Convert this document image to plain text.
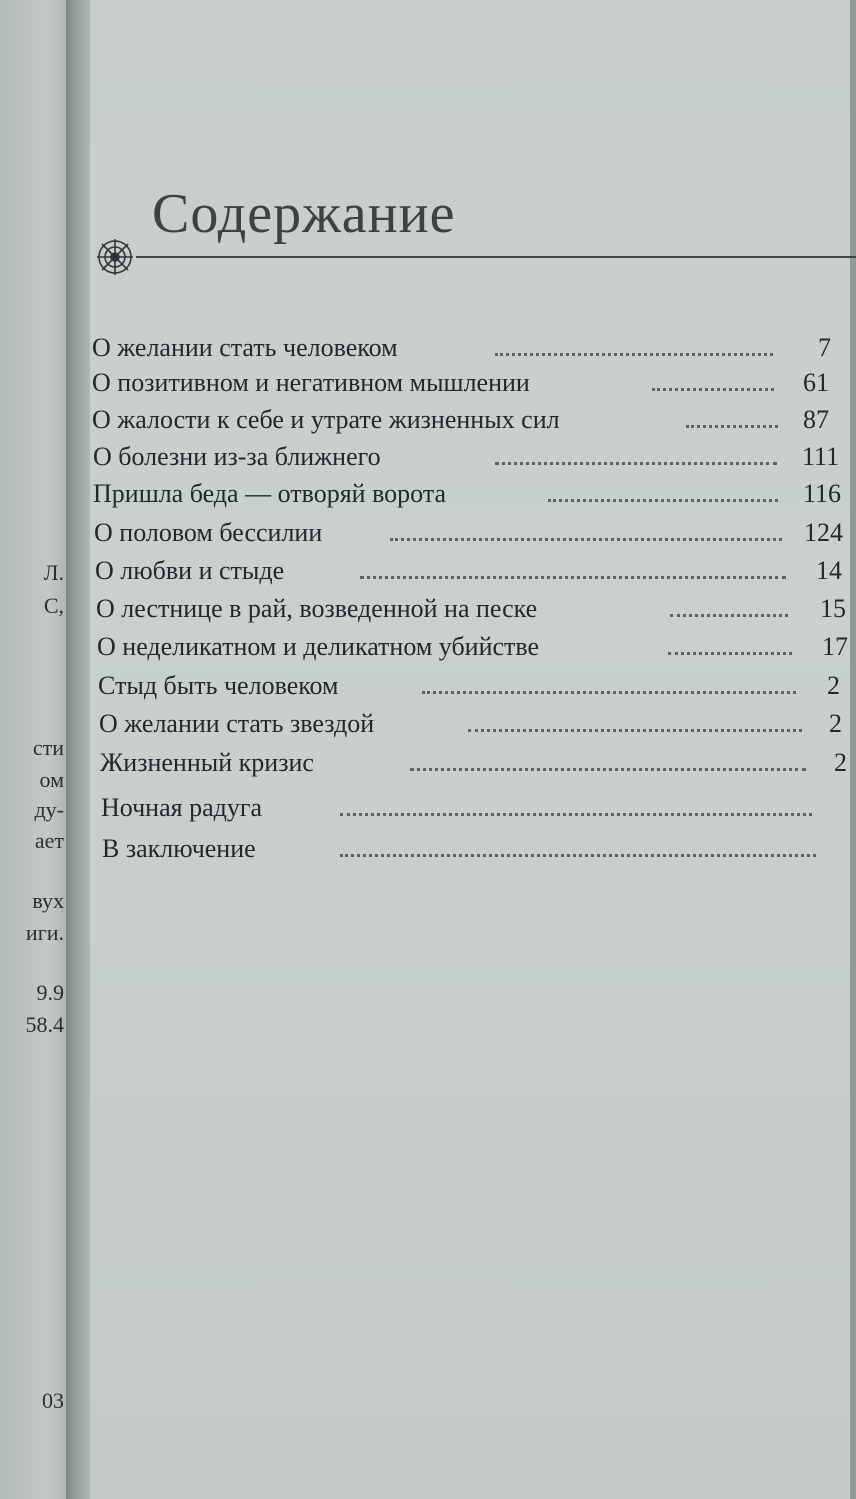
Л.
С,
сти
ом
ду-
ает
вух
иги.
9.9
58.4
03
Содержание
О желании стать человеком	7
О позитивном и негативном мышлении	61
О жалости к себе и утрате жизненных сил	87
О болезни из-за ближнего	111
Пришла беда — отворяй ворота	116
О половом бессилии	124
О любви и стыде	14
О лестнице в рай, возведенной на песке	15
О неделикатном и деликатном убийстве	17
Стыд быть человеком	2
О желании стать звездой	2
Жизненный кризис	2
Ночная радуга
В заключение
